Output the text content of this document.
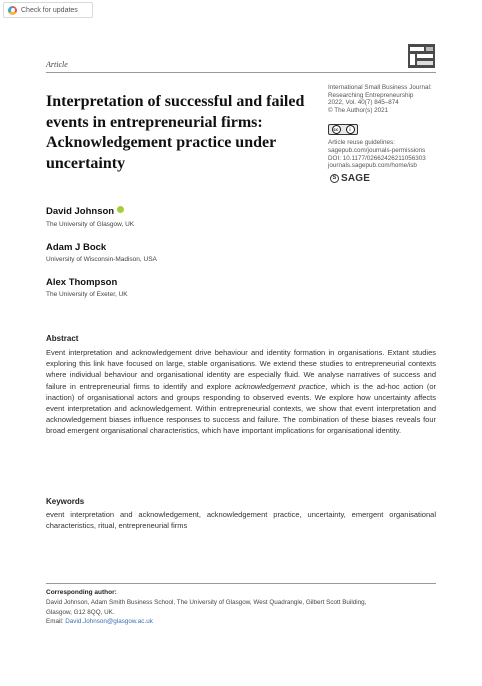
Check for updates
Article
Interpretation of successful and failed events in entrepreneurial firms: Acknowledgement practice under uncertainty
International Small Business Journal:
Researching Entrepreneurship
2022, Vol. 40(7) 845–874
© The Author(s) 2021
cc	i
Article reuse guidelines:
sagepub.com/journals-permissions
DOI: 10.1177/02662426211056303
journals.sagepub.com/home/isb
S SAGE
David Johnson
The University of Glasgow, UK
Adam J Bock
University of Wisconsin-Madison, USA
Alex Thompson
The University of Exeter, UK
Abstract
Event interpretation and acknowledgement drive behaviour and identity formation in organisations. Extant studies exploring this link have focused on large, stable organisations. We extend these studies to entrepreneurial contexts where individual behaviour and organisational identity are especially fluid. We analyse narratives of success and failure in entrepreneurial firms to identify and explore acknowledgement practice, which is the ad-hoc action (or inaction) of organisational actors and groups responding to observed events. We explore how uncertainty affects event interpretation and acknowledgement. Within entrepreneurial contexts, we show that event interpretation and acknowledgement biases influence responses to success and failure. The combination of these biases reveals four broad emergent organisational characteristics, which have important implications for organisational identity.
Keywords
event interpretation and acknowledgement, acknowledgement practice, uncertainty, emergent organisational characteristics, ritual, entrepreneurial firms
Corresponding author:
David Johnson, Adam Smith Business School, The University of Glasgow, West Quadrangle, Gilbert Scott Building,
Glasgow, G12 8QQ, UK.
Email: David.Johnson@glasgow.ac.uk
